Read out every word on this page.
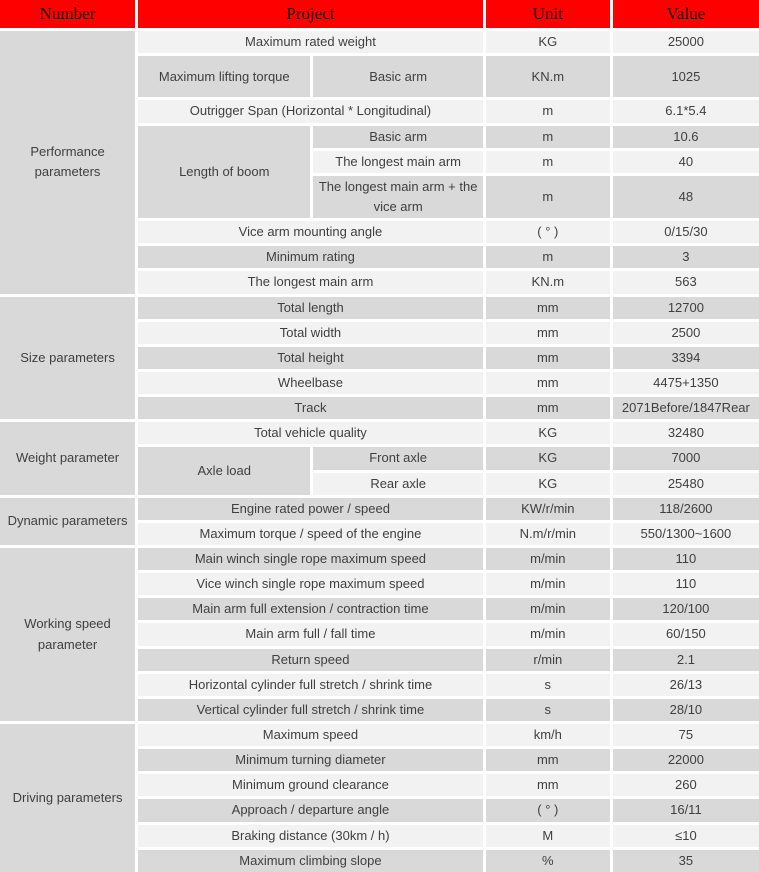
Number	Project		Unit	Value
Performance parameters	Maximum rated weight		KG	25000
	Maximum lifting torque	Basic arm	KN.m	1025
	Outrigger Span (Horizontal * Longitudinal)		m	6.1*5.4
	Length of boom	Basic arm	m	10.6
		The longest main arm	m	40
		The longest main arm + the vice arm	m	48
	Vice arm mounting angle		( ° )	0/15/30
	Minimum rating		m	3
	The longest main arm		KN.m	563
Size parameters	Total length		mm	12700
	Total width		mm	2500
	Total height		mm	3394
	Wheelbase		mm	4475+1350
	Track		mm	2071Before/1847Rear
Weight parameter	Total vehicle quality		KG	32480
	Axle load	Front axle	KG	7000
		Rear axle	KG	25480
Dynamic parameters	Engine rated power / speed		KW/r/min	118/2600
	Maximum torque / speed of the engine		N.m/r/min	550/1300~1600
Working speed parameter	Main winch single rope maximum speed		m/min	110
	Vice winch single rope maximum speed		m/min	110
	Main arm full extension / contraction time		m/min	120/100
	Main arm full / fall time		m/min	60/150
	Return speed		r/min	2.1
	Horizontal cylinder full stretch / shrink time		s	26/13
	Vertical cylinder full stretch / shrink time		s	28/10
Driving parameters	Maximum speed		km/h	75
	Minimum turning diameter		mm	22000
	Minimum ground clearance		mm	260
	Approach / departure angle		( ° )	16/11
	Braking distance (30km / h)		M	≤10
	Maximum climbing slope		%	35
